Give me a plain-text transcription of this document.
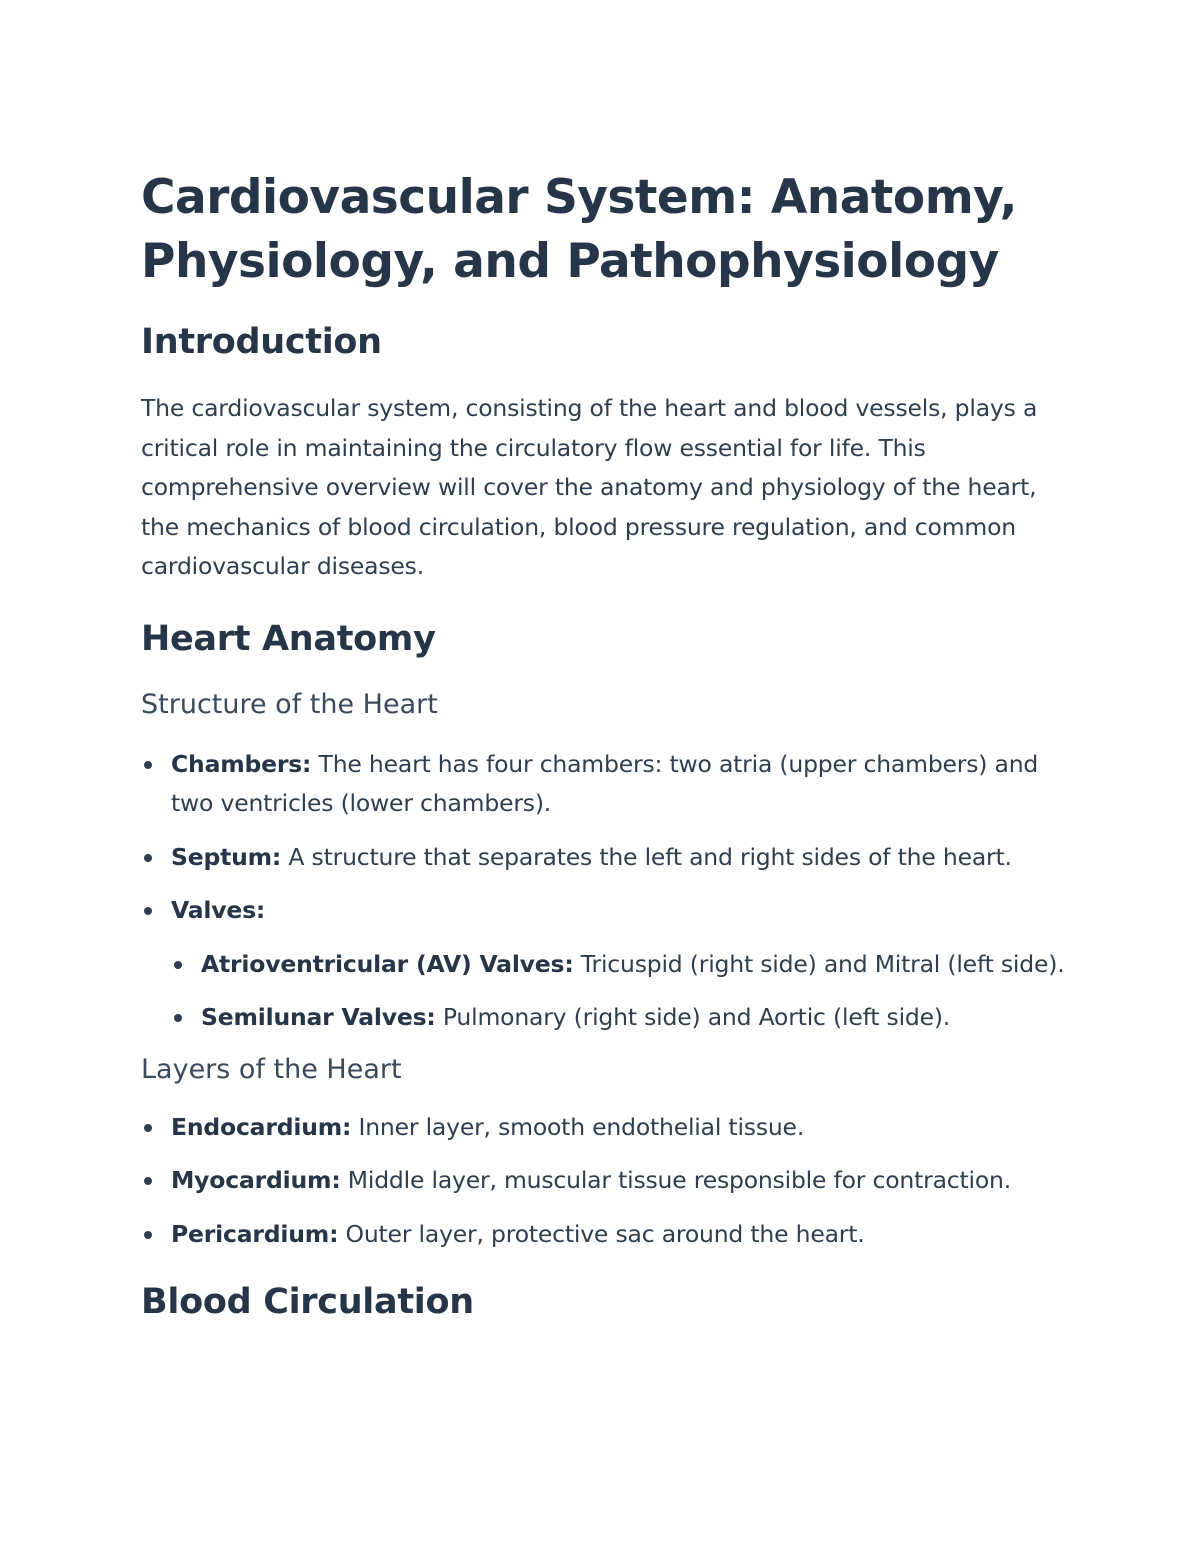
Cardiovascular System: Anatomy, Physiology, and Pathophysiology
Introduction

The cardiovascular system, consisting of the heart and blood vessels, plays a critical role in maintaining the circulatory flow essential for life. This comprehensive overview will cover the anatomy and physiology of the heart, the mechanics of blood circulation, blood pressure regulation, and common cardiovascular diseases.

Heart Anatomy
Structure of the Heart
Chambers: The heart has four chambers: two atria (upper chambers) and two ventricles (lower chambers).
Septum: A structure that separates the left and right sides of the heart.
Valves:
Atrioventricular (AV) Valves: Tricuspid (right side) and Mitral (left side).
Semilunar Valves: Pulmonary (right side) and Aortic (left side).
Layers of the Heart
Endocardium: Inner layer, smooth endothelial tissue.
Myocardium: Middle layer, muscular tissue responsible for contraction.
Pericardium: Outer layer, protective sac around the heart.
Blood Circulation
